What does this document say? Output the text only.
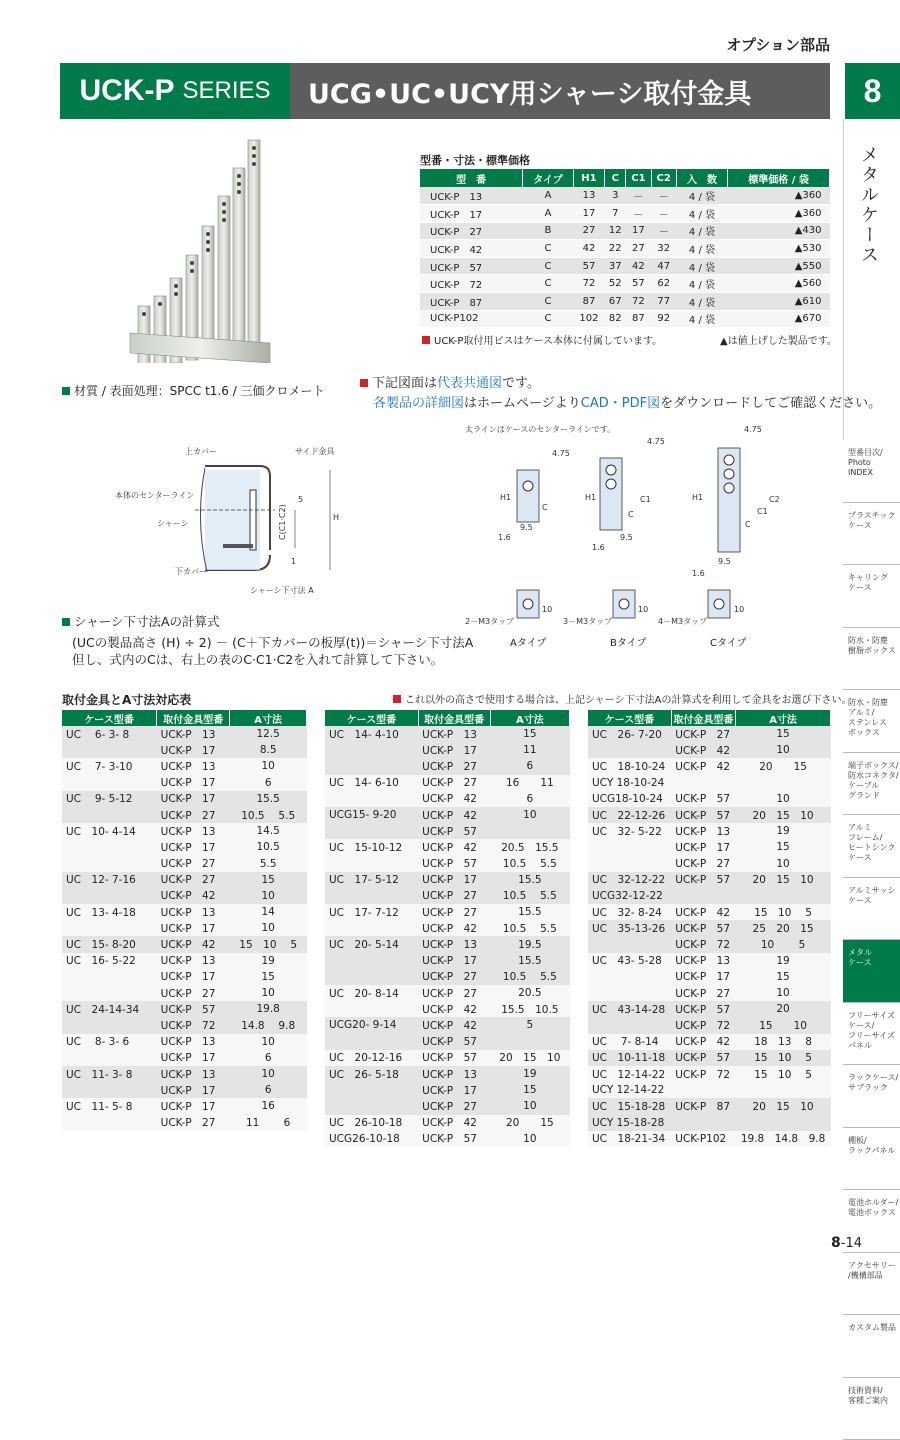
オプション部品
UCK-P SERIES	UCG•UC•UCY用シャーシ取付金具	8
メタルケース
型番目次/
Photo
INDEX
プラスチック
ケース
キャリング
ケース
防水・防塵
樹脂ボックス
防水・防塵
アルミ/
ステンレス
ボックス
端子ボックス/
防水コネクタ/
ケーブル
グランド
アルミ
フレーム/
ヒートシンク
ケース
アルミサッシ
ケース
メタル
ケース
フリーサイズ
ケース/
フリーサイズ
パネル
ラックケース/
サブラック
棚板/
ラックパネル
電池ホルダー/
電池ボックス
アクセサリー
/機構部品
カスタム製品
技術資料/
客種ご案内
型番・寸法・標準価格
型　番	タイプ	H1	C	C1	C2	入　数	標準価格 / 袋
UCK-P　13	A	13	3	－	－	4 / 袋	▲360
UCK-P　17	A	17	7	－	－	4 / 袋	▲360
UCK-P　27	B	27	12	17	－	4 / 袋	▲430
UCK-P　42	C	42	22	27	32	4 / 袋	▲530
UCK-P　57	C	57	37	42	47	4 / 袋	▲550
UCK-P　72	C	72	52	57	62	4 / 袋	▲560
UCK-P　87	C	87	67	72	77	4 / 袋	▲610
UCK-P102	C	102	82	87	92	4 / 袋	▲670
UCK-P取付用ビスはケース本体に付属しています。	▲は値上げした製品です。
材質 / 表面処理：SPCC t1.6 / 三価クロメート	下記図面は代表共通図です。
各製品の詳細図はホームページよりCAD・PDF図をダウンロードしてご確認ください。
上カバー	サイド金具
本体のセンターライン
シャーシ
下カバー
シャーシ下寸法 A
H
C(C1·C2)
5
1
太ラインはケースのセンターラインです。
4.75
4.75
4.75
9.5
9.5
9.5
1.6
1.6
1.6
H1	H1	H1
C
C
C1
C
C1
C2
2－M3タップ	3－M3タップ	4－M3タップ
10	10	10
Aタイプ	Bタイプ	Cタイプ
シャーシ下寸法Aの計算式
(UCの製品高さ (H) ÷ 2) － (C＋下カバーの板厚(t))＝シャーシ下寸法A
但し、式内のCは、右上の表のC·C1·C2を入れて計算して下さい。
取付金具とA寸法対応表	これ以外の高さで使用する場合は、上記シャーシ下寸法Aの計算式を利用して金具をお選び下さい。
ケース型番	取付金具型番	A寸法
UC　 6- 3- 8	UCK-P　13	12.5
	UCK-P　17	8.5
UC　 7- 3-10	UCK-P　13	10
	UCK-P　17	6
UC　 9- 5-12	UCK-P　17	15.5
	UCK-P　27	10.5　 5.5
UC　10- 4-14	UCK-P　13	14.5
	UCK-P　17	10.5
	UCK-P　27	5.5
UC　12- 7-16	UCK-P　27	15
	UCK-P　42	10
UC　13- 4-18	UCK-P　13	14
	UCK-P　17	10
UC　15- 8-20	UCK-P　42	15　10　 5
UC　16- 5-22	UCK-P　13	19
	UCK-P　17	15
	UCK-P　27	10
UC　24-14-34	UCK-P　57	19.8
	UCK-P　72	14.8　 9.8
UC　 8- 3- 6	UCK-P　13	10
	UCK-P　17	6
UC　11- 3- 8	UCK-P　13	10
	UCK-P　17	6
UC　11- 5- 8	UCK-P　17	16
	UCK-P　27	11　　 6
ケース型番	取付金具型番	A寸法
UC　14- 4-10	UCK-P　13	15
	UCK-P　17	11
	UCK-P　27	6
UC　14- 6-10	UCK-P　27	16　　11
	UCK-P　42	6
UCG15- 9-20	UCK-P　42	10
	UCK-P　57	
UC　15-10-12	UCK-P　42	20.5　15.5
	UCK-P　57	10.5　 5.5
UC　17- 5-12	UCK-P　17	15.5
	UCK-P　27	10.5　 5.5
UC　17- 7-12	UCK-P　27	15.5
	UCK-P　42	10.5　 5.5
UC　20- 5-14	UCK-P　13	19.5
	UCK-P　17	15.5
	UCK-P　27	10.5　 5.5
UC　20- 8-14	UCK-P　27	20.5
	UCK-P　42	15.5　10.5
UCG20- 9-14	UCK-P　42	5
	UCK-P　57	
UC　20-12-16	UCK-P　57	20　15　10
UC　26- 5-18	UCK-P　13	19
	UCK-P　17	15
	UCK-P　27	10
UC　26-10-18	UCK-P　42	20　　15
UCG26-10-18	UCK-P　57	10
ケース型番	取付金具型番	A寸法
UC　26- 7-20	UCK-P　27	15
	UCK-P　42	10
UC　18-10-24	UCK-P　42	20　　15
UCY 18-10-24		
UCG18-10-24	UCK-P　57	10
UC　22-12-26	UCK-P　57	20　15　10
UC　32- 5-22	UCK-P　13	19
	UCK-P　17	15
	UCK-P　27	10
UC　32-12-22	UCK-P　57	20　15　10
UCG32-12-22		
UC　32- 8-24	UCK-P　42	15　10　 5
UC　35-13-26	UCK-P　57	25　20　15
	UCK-P　72	10　　 5
UC　43- 5-28	UCK-P　13	19
	UCK-P　17	15
	UCK-P　27	10
UC　43-14-28	UCK-P　57	20
	UCK-P　72	15　　10
UC　 7- 8-14	UCK-P　42	18　13　 8
UC　10-11-18	UCK-P　57	15　10　 5
UC　12-14-22	UCK-P　72	15　10　 5
UCY 12-14-22		
UC　15-18-28	UCK-P　87	20　15　10
UCY 15-18-28		
UC　18-21-34	UCK-P102	19.8　14.8　9.8
8-14
